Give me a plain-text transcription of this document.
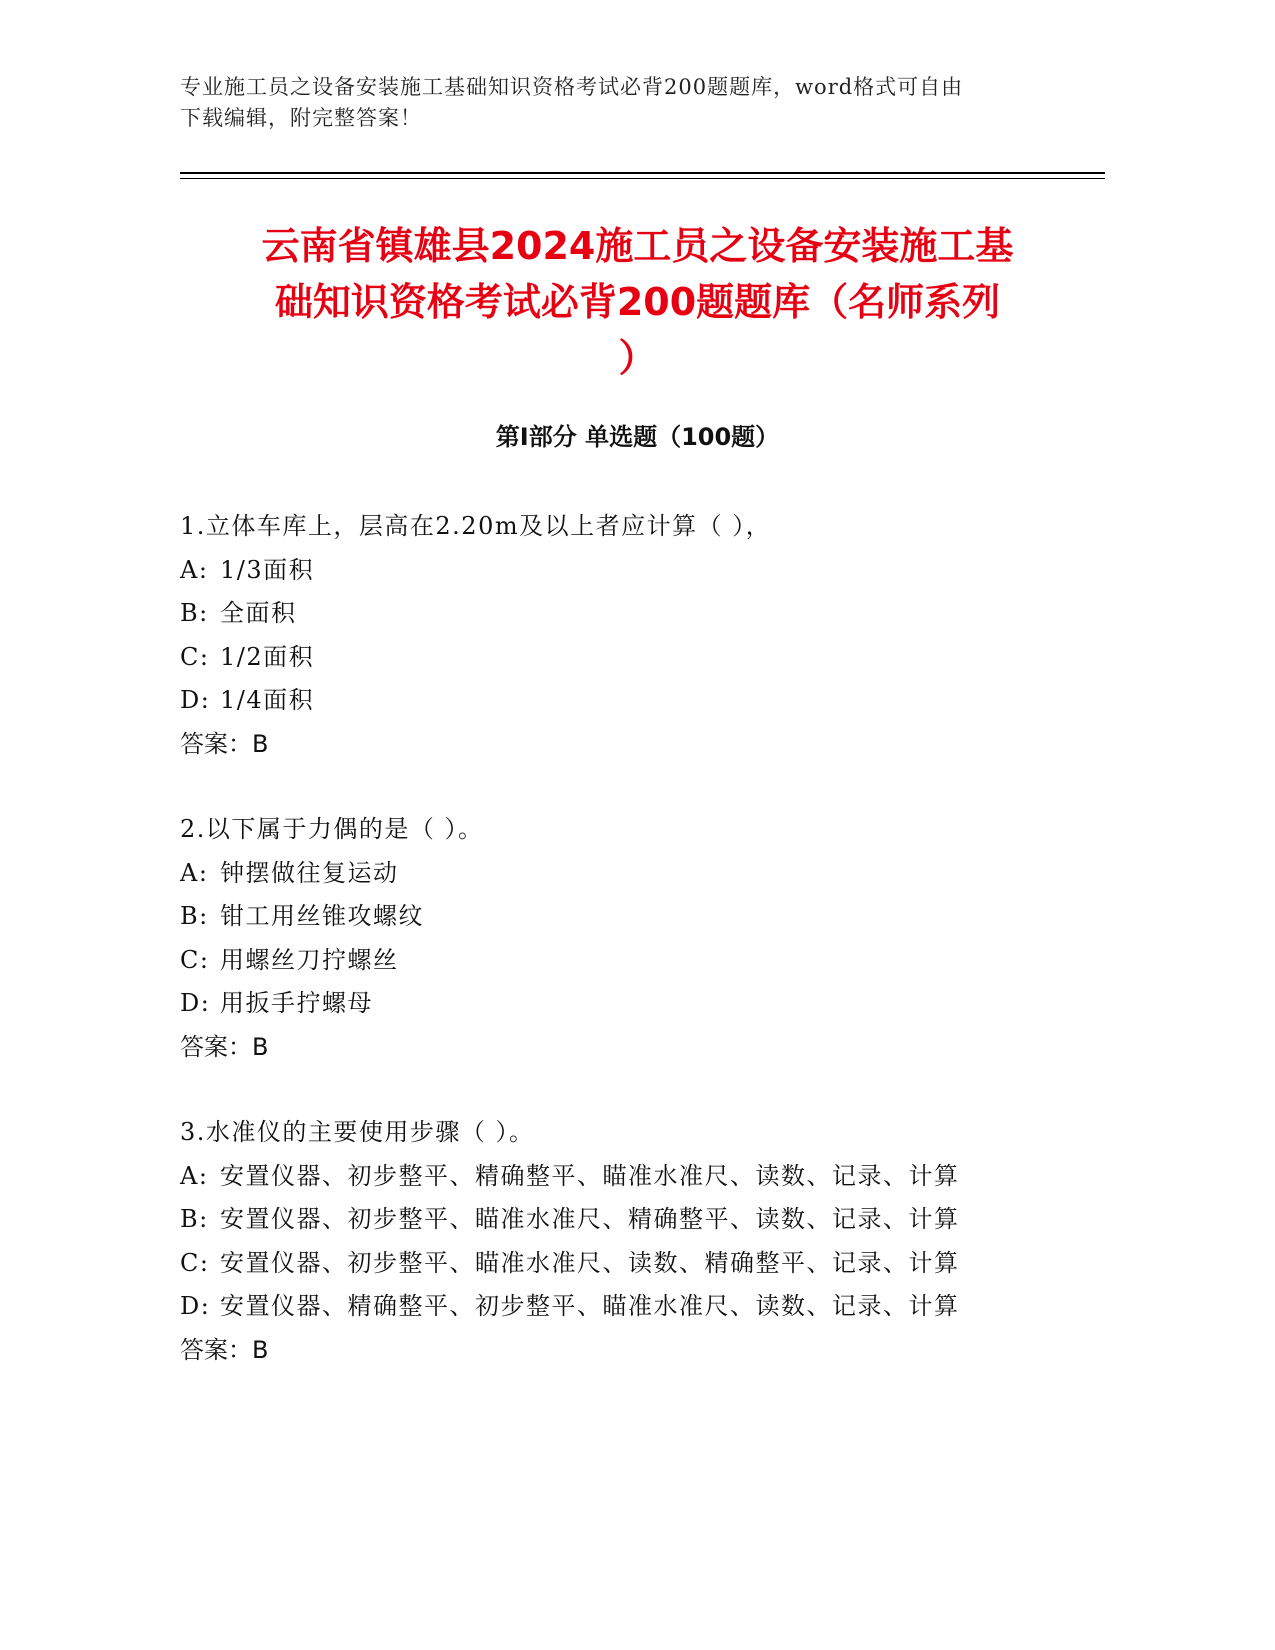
专业施工员之设备安装施工基础知识资格考试必背200题题库，word格式可自由
下载编辑，附完整答案！
云南省镇雄县2024施工员之设备安装施工基
础知识资格考试必背200题题库（名师系列
）
第I部分 单选题（100题）
1.立体车库上，层高在2.20m及以上者应计算（ ），
A: 1/3面积
B: 全面积
C: 1/2面积
D: 1/4面积
答案：B
2.以下属于力偶的是（ ）。
A: 钟摆做往复运动
B: 钳工用丝锥攻螺纹
C: 用螺丝刀拧螺丝
D: 用扳手拧螺母
答案：B
3.水准仪的主要使用步骤（ ）。
A: 安置仪器、初步整平、精确整平、瞄准水准尺、读数、记录、计算
B: 安置仪器、初步整平、瞄准水准尺、精确整平、读数、记录、计算
C: 安置仪器、初步整平、瞄准水准尺、读数、精确整平、记录、计算
D: 安置仪器、精确整平、初步整平、瞄准水准尺、读数、记录、计算
答案：B
